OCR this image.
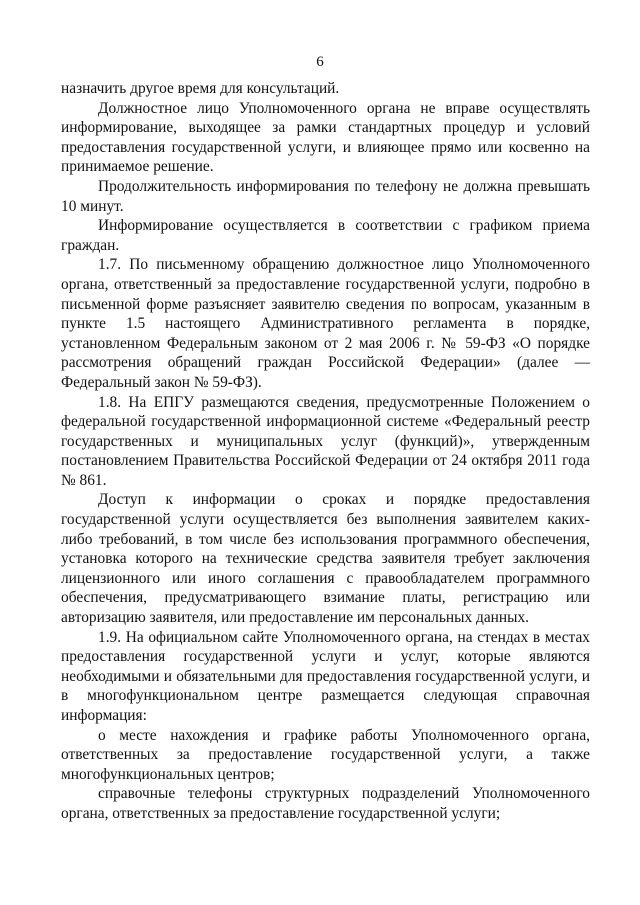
6

назначить другое время для консультаций.

Должностное лицо Уполномоченного органа не вправе осуществлять информирование, выходящее за рамки стандартных процедур и условий предоставления государственной услуги, и влияющее прямо или косвенно на принимаемое решение.

Продолжительность информирования по телефону не должна превышать 10 минут.

Информирование осуществляется в соответствии с графиком приема граждан.

1.7. По письменному обращению должностное лицо Уполномоченного органа, ответственный за предоставление государственной услуги, подробно в письменной форме разъясняет заявителю сведения по вопросам, указанным в пункте 1.5 настоящего Административного регламента в порядке, установленном Федеральным законом от 2 мая 2006 г. № 59-ФЗ «О порядке рассмотрения обращений граждан Российской Федерации» (далее — Федеральный закон № 59-ФЗ).

1.8. На ЕПГУ размещаются сведения, предусмотренные Положением о федеральной государственной информационной системе «Федеральный реестр государственных и муниципальных услуг (функций)», утвержденным постановлением Правительства Российской Федерации от 24 октября 2011 года № 861.

Доступ к информации о сроках и порядке предоставления государственной услуги осуществляется без выполнения заявителем каких-либо требований, в том числе без использования программного обеспечения, установка которого на технические средства заявителя требует заключения лицензионного или иного соглашения с правообладателем программного обеспечения, предусматривающего взимание платы, регистрацию или авторизацию заявителя, или предоставление им персональных данных.

1.9. На официальном сайте Уполномоченного органа, на стендах в местах предоставления государственной услуги и услуг, которые являются необходимыми и обязательными для предоставления государственной услуги, и в многофункциональном центре размещается следующая справочная информация:

о месте нахождения и графике работы Уполномоченного органа, ответственных за предоставление государственной услуги, а также многофункциональных центров;

справочные телефоны структурных подразделений Уполномоченного органа, ответственных за предоставление государственной услуги;
